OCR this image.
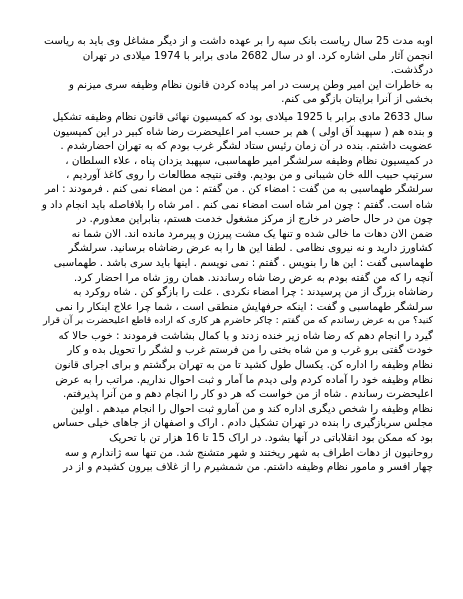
اوبه مدت 25 سال ریاست بانک سپه را بر عهده داشت و از دیگر مشاغل وی باید به ریاست
انجمن آثار ملی اشاره کرد. او در سال 2682 مادی برابر با 1974 میلادی در تهران
درگذشت.
به خاطرات این امیر وطن پرست در امر پیاده کردن قانون نظام وظیفه سری میزنم و
بخشی از آنرا برایتان بازگو می کنم.
سال 2633 مادی برابر با 1925 میلادی بود که کمیسیون نهائی قانون نظام وظیفه تشکیل
و بنده هم ( سپهبد آق اولی ) هم بر حسب امر اعلیحضرت رضا شاه کبیر در این کمیسیون
عضویت داشتم. بنده در آن زمان رئیس ستاد لشگر غرب بودم که به تهران احضارشدم .
در کمیسیون نظام وظیفه سرلشگر امیر طهماسبی، سپهبد یزدان پناه ، علاء السلطان ،
سرتیپ حبیب الله خان شیبانی و من بودیم. وقتی نتیجه مطالعات را روی کاغذ آوردیم ،
سرلشگر طهماسبی به من گفت : امضاء کن . من گفتم : من امضاء نمی کنم . فرمودند : امر
شاه است. گفتم : چون امر شاه است امضاء نمی کنم . امر شاه را بلافاصله باید انجام داد و
چون من در حال حاضر در خارج از مرکز مشغول خدمت هستم، بنابراین معذورم. در
ضمن الان دهات ما خالی شده و تنها یک مشت پیرزن و پیرمرد مانده اند. الان شما نه
کشاورز دارید و نه نیروی نظامی . لطفا این ها را به عرض رضاشاه برسانید. سرلشگر
طهماسبی گفت : این ها را بنویس . گفتم : نمی نویسم . اینها باید سری باشد . طهماسبی
آنچه را که من گفته بودم به عرض رضا شاه رساندند. همان روز شاه مرا احضار کرد.
رضاشاه بزرگ از من پرسیدند : چرا امضاء نکردی . علت را بازگو کن . شاه روکرد به
سرلشگر طهماسبی و گفت : اینکه حرفهایش منطقی است ، شما چرا علاج اینکار را نمی
کنید؟ من به عرض رساندم که من گفتم : چاکر حاضرم هر کاری که اراده قاطع اعلیحضرت بر آن قرار
گیرد را انجام دهم که رضا شاه زیر خنده زدند و با کمال بشاشت فرمودند : خوب حالا که
خودت گفتی برو غرب و من شاه بختی را من فرستم غرب و لشگر را تحویل بده و کار
نظام وظیفه را اداره کن. یکسال طول کشید تا من به تهران برگشتم و برای اجرای قانون
نظام وظیفه خود را آماده کردم ولی دیدم ما آمار و ثبت احوال نداریم. مراتب را به عرض
اعلیحضرت رساندم . شاه از من خواست که هر دو کار را انجام دهم و من آنرا پذیرفتم.
نظام وظیفه را شخص دیگری اداره کند و من آمارو ثبت احوال را انجام میدهم . اولین
مجلس سربازگیری را بنده در تهران تشکیل دادم . اراک و اصفهان از جاهای خیلی حساس
بود که ممکن بود انقلاباتی در آنها بشود. در اراک 15 تا 16 هزار تن با تحریک
روحانیون از دهات اطراف به شهر ریختند و شهر متشنج شد. من تنها سه ژاندارم و سه
چهار افسر و مامور نظام وظیفه داشتم. من شمشیرم را از غلاف بیرون کشیدم و از در
